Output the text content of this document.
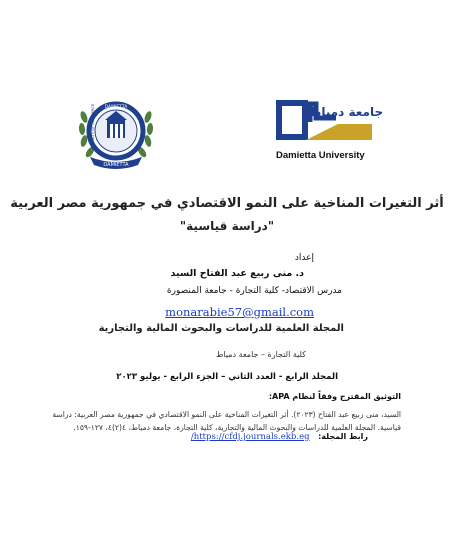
DAMIETTA
DAMIETTA
FACULTY OF COMMERCE	جامعة دمياط
Damietta University
أثر التغيرات المناخية على النمو الاقتصادي في جمهورية مصر العربية
"دراسة قياسية"
إعداد
د. منى ربيع عبد الفتاح السيد
مدرس الاقتصاد- كلية التجارة - جامعة المنصورة
monarabie57@gmail.com
المجلة العلمية للدراسات والبحوث المالية والتجارية
كلية التجارة – جامعة دمياط
المجلد الرابع - العدد الثاني – الجزء الرابع - يوليو ٢٠٢٣
التوثيق المقترح وفقاً لنظام APA:
السيد، منى ربيع عبد الفتاح (٢٠٢٣). أثر التغيرات المناخية على النمو الاقتصادي في جمهورية مصر العربية: دراسة قياسية. المجلة العلمية للدراسات والبحوث المالية والتجارية، كلية التجارة، جامعة دمياط، ٤(٢)٤، ١٢٧-١٥٩.
رابط المجلة: https://cfdj.journals.ekb.eg/
